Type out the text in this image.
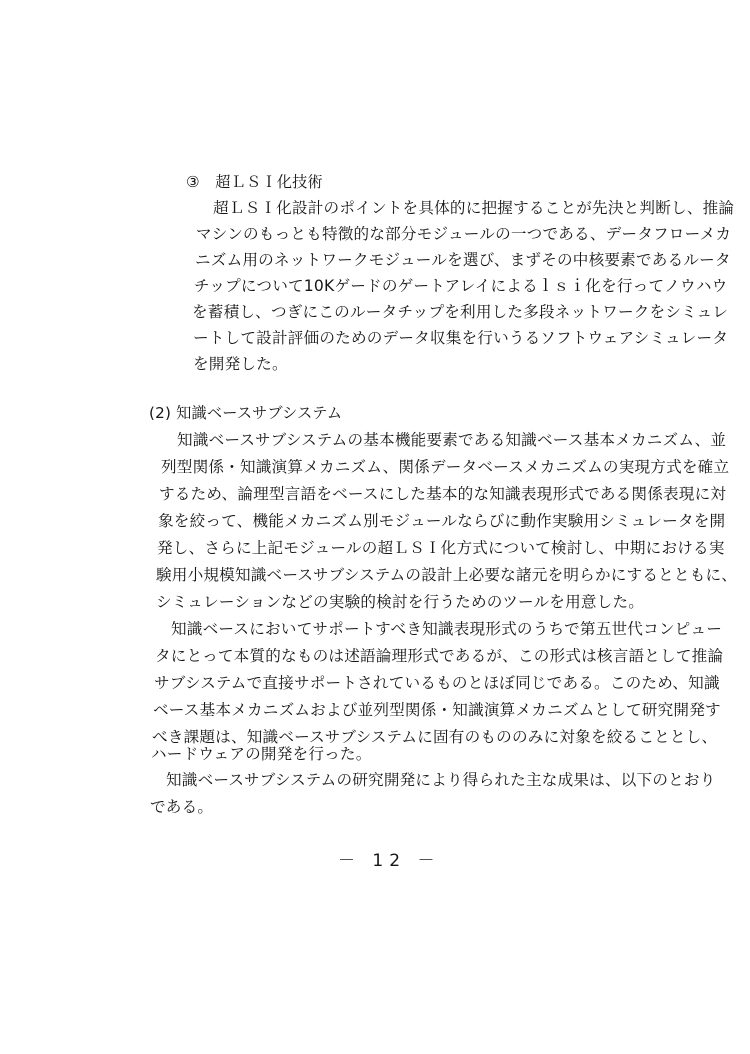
③　超ＬＳＩ化技術
超ＬＳＩ化設計のポイントを具体的に把握することが先決と判断し、推論
マシンのもっとも特徴的な部分モジュールの一つである、データフローメカ
ニズム用のネットワークモジュールを選び、まずその中核要素であるルータ
チップについて10Kゲードのゲートアレイによるｌｓｉ化を行ってノウハウ
を蓄積し、つぎにこのルータチップを利用した多段ネットワークをシミュレ
ートして設計評価のためのデータ収集を行いうるソフトウェアシミュレータ
を開発した。
(2) 知識ベースサブシステム
知識ベースサブシステムの基本機能要素である知識ベース基本メカニズム、並
列型関係・知識演算メカニズム、関係データベースメカニズムの実現方式を確立
するため、論理型言語をベースにした基本的な知識表現形式である関係表現に対
象を絞って、機能メカニズム別モジュールならびに動作実験用シミュレータを開
発し、さらに上記モジュールの超ＬＳＩ化方式について検討し、中期における実
験用小規模知識ベースサブシステムの設計上必要な諸元を明らかにするとともに、
シミュレーションなどの実験的検討を行うためのツールを用意した。
知識ベースにおいてサポートすべき知識表現形式のうちで第五世代コンピュー
タにとって本質的なものは述語論理形式であるが、この形式は核言語として推論
サブシステムで直接サポートされているものとほぼ同じである。このため、知識
ベース基本メカニズムおよび並列型関係・知識演算メカニズムとして研究開発す
べき課題は、知識ベースサブシステムに固有のもののみに対象を絞ることとし、
ハードウェアの開発を行った。
知識ベースサブシステムの研究開発により得られた主な成果は、以下のとおり
である。
－ 12 －
